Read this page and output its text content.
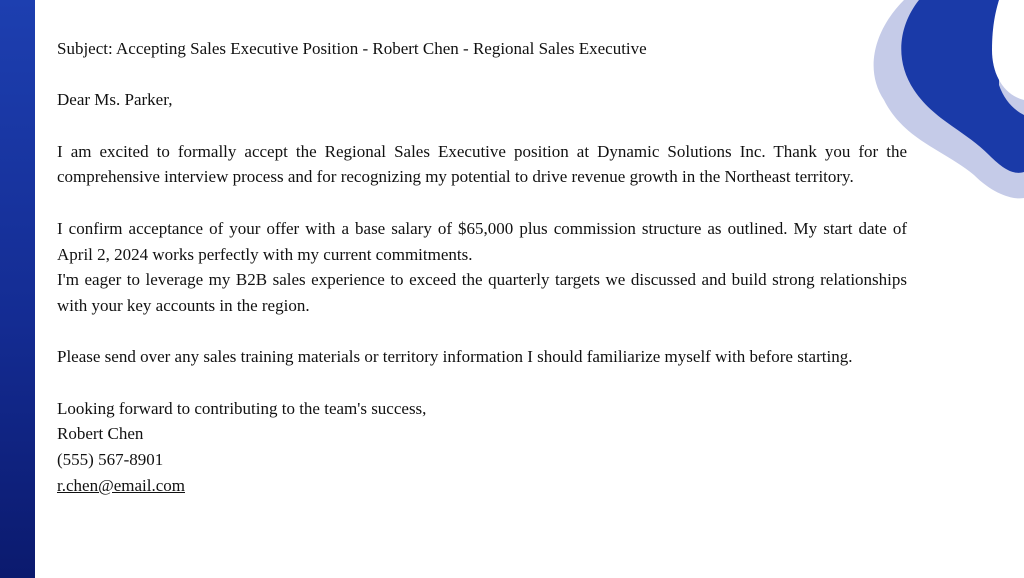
Subject: Accepting Sales Executive Position - Robert Chen - Regional Sales Executive

Dear Ms. Parker,

I am excited to formally accept the Regional Sales Executive position at Dynamic Solutions Inc. Thank you for the comprehensive interview process and for recognizing my potential to drive revenue growth in the Northeast territory.

I confirm acceptance of your offer with a base salary of $65,000 plus commission structure as outlined. My start date of April 2, 2024 works perfectly with my current commitments.

I'm eager to leverage my B2B sales experience to exceed the quarterly targets we discussed and build strong relationships with your key accounts in the region.

Please send over any sales training materials or territory information I should familiarize myself with before starting.

Looking forward to contributing to the team's success,

Robert Chen

(555) 567-8901

r.chen@email.com
